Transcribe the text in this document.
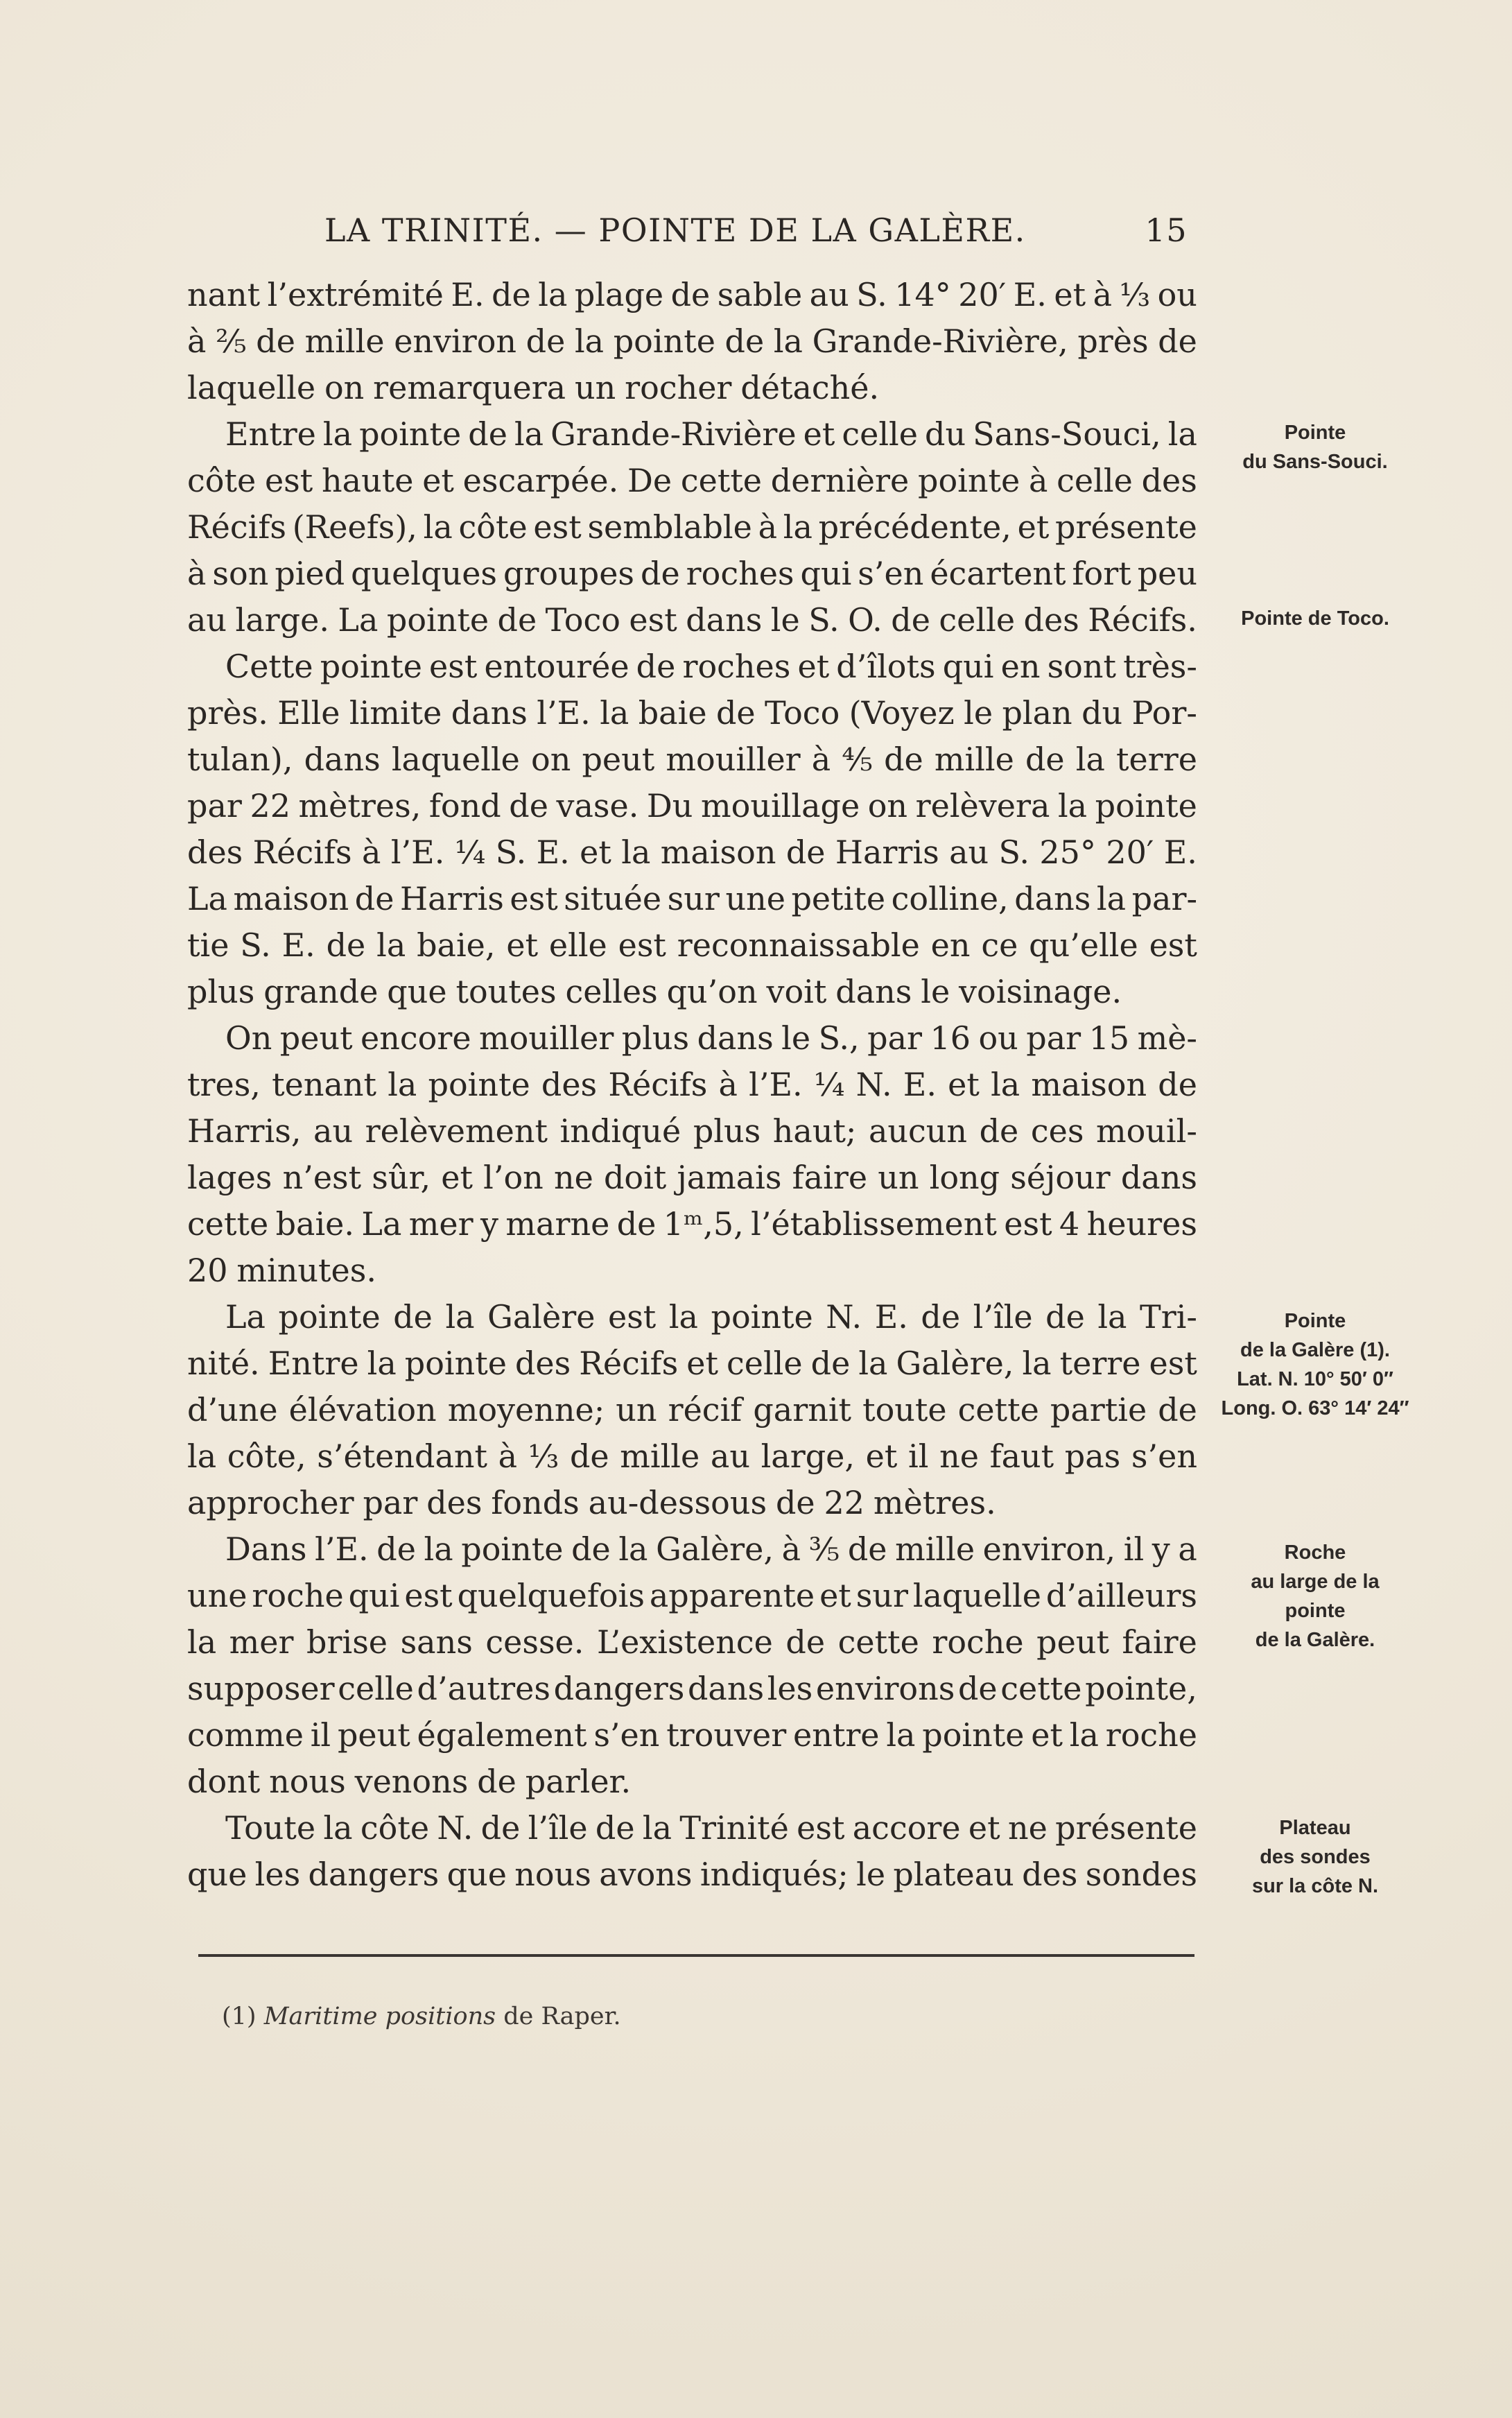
LA TRINITÉ. — POINTE DE LA GALÈRE.	15
nant l’extrémité E. de la plage de sable au S. 14° 20′ E. et à ⅓ ou
à ⅖ de mille environ de la pointe de la Grande-Rivière, près de
laquelle on remarquera un rocher détaché.
Entre la pointe de la Grande-Rivière et celle du Sans-Souci, la
côte est haute et escarpée. De cette dernière pointe à celle des
Récifs (Reefs), la côte est semblable à la précédente, et présente
à son pied quelques groupes de roches qui s’en écartent fort peu
au large. La pointe de Toco est dans le S. O. de celle des Récifs.
Cette pointe est entourée de roches et d’îlots qui en sont très-
près. Elle limite dans l’E. la baie de Toco (Voyez le plan du Por-
tulan), dans laquelle on peut mouiller à ⅘ de mille de la terre
par 22 mètres, fond de vase. Du mouillage on relèvera la pointe
des Récifs à l’E. ¼ S. E. et la maison de Harris au S. 25° 20′ E.
La maison de Harris est située sur une petite colline, dans la par-
tie S. E. de la baie, et elle est reconnaissable en ce qu’elle est
plus grande que toutes celles qu’on voit dans le voisinage.
On peut encore mouiller plus dans le S., par 16 ou par 15 mè-
tres, tenant la pointe des Récifs à l’E. ¼ N. E. et la maison de
Harris, au relèvement indiqué plus haut; aucun de ces mouil-
lages n’est sûr, et l’on ne doit jamais faire un long séjour dans
cette baie. La mer y marne de 1ᵐ,5, l’établissement est 4 heures
20 minutes.
La pointe de la Galère est la pointe N. E. de l’île de la Tri-
nité. Entre la pointe des Récifs et celle de la Galère, la terre est
d’une élévation moyenne; un récif garnit toute cette partie de
la côte, s’étendant à ⅓ de mille au large, et il ne faut pas s’en
approcher par des fonds au-dessous de 22 mètres.
Dans l’E. de la pointe de la Galère, à ⅗ de mille environ, il y a
une roche qui est quelquefois apparente et sur laquelle d’ailleurs
la mer brise sans cesse. L’existence de cette roche peut faire
supposer celle d’autres dangers dans les environs de cette pointe,
comme il peut également s’en trouver entre la pointe et la roche
dont nous venons de parler.
Toute la côte N. de l’île de la Trinité est accore et ne présente
que les dangers que nous avons indiqués; le plateau des sondes
Pointe
du Sans-Souci.
Pointe de Toco.
Pointe
de la Galère (1).
Lat. N. 10° 50′ 0″
Long. O. 63° 14′ 24″
Roche
au large de la
pointe
de la Galère.
Plateau
des sondes
sur la côte N.
(1) Maritime positions de Raper.
